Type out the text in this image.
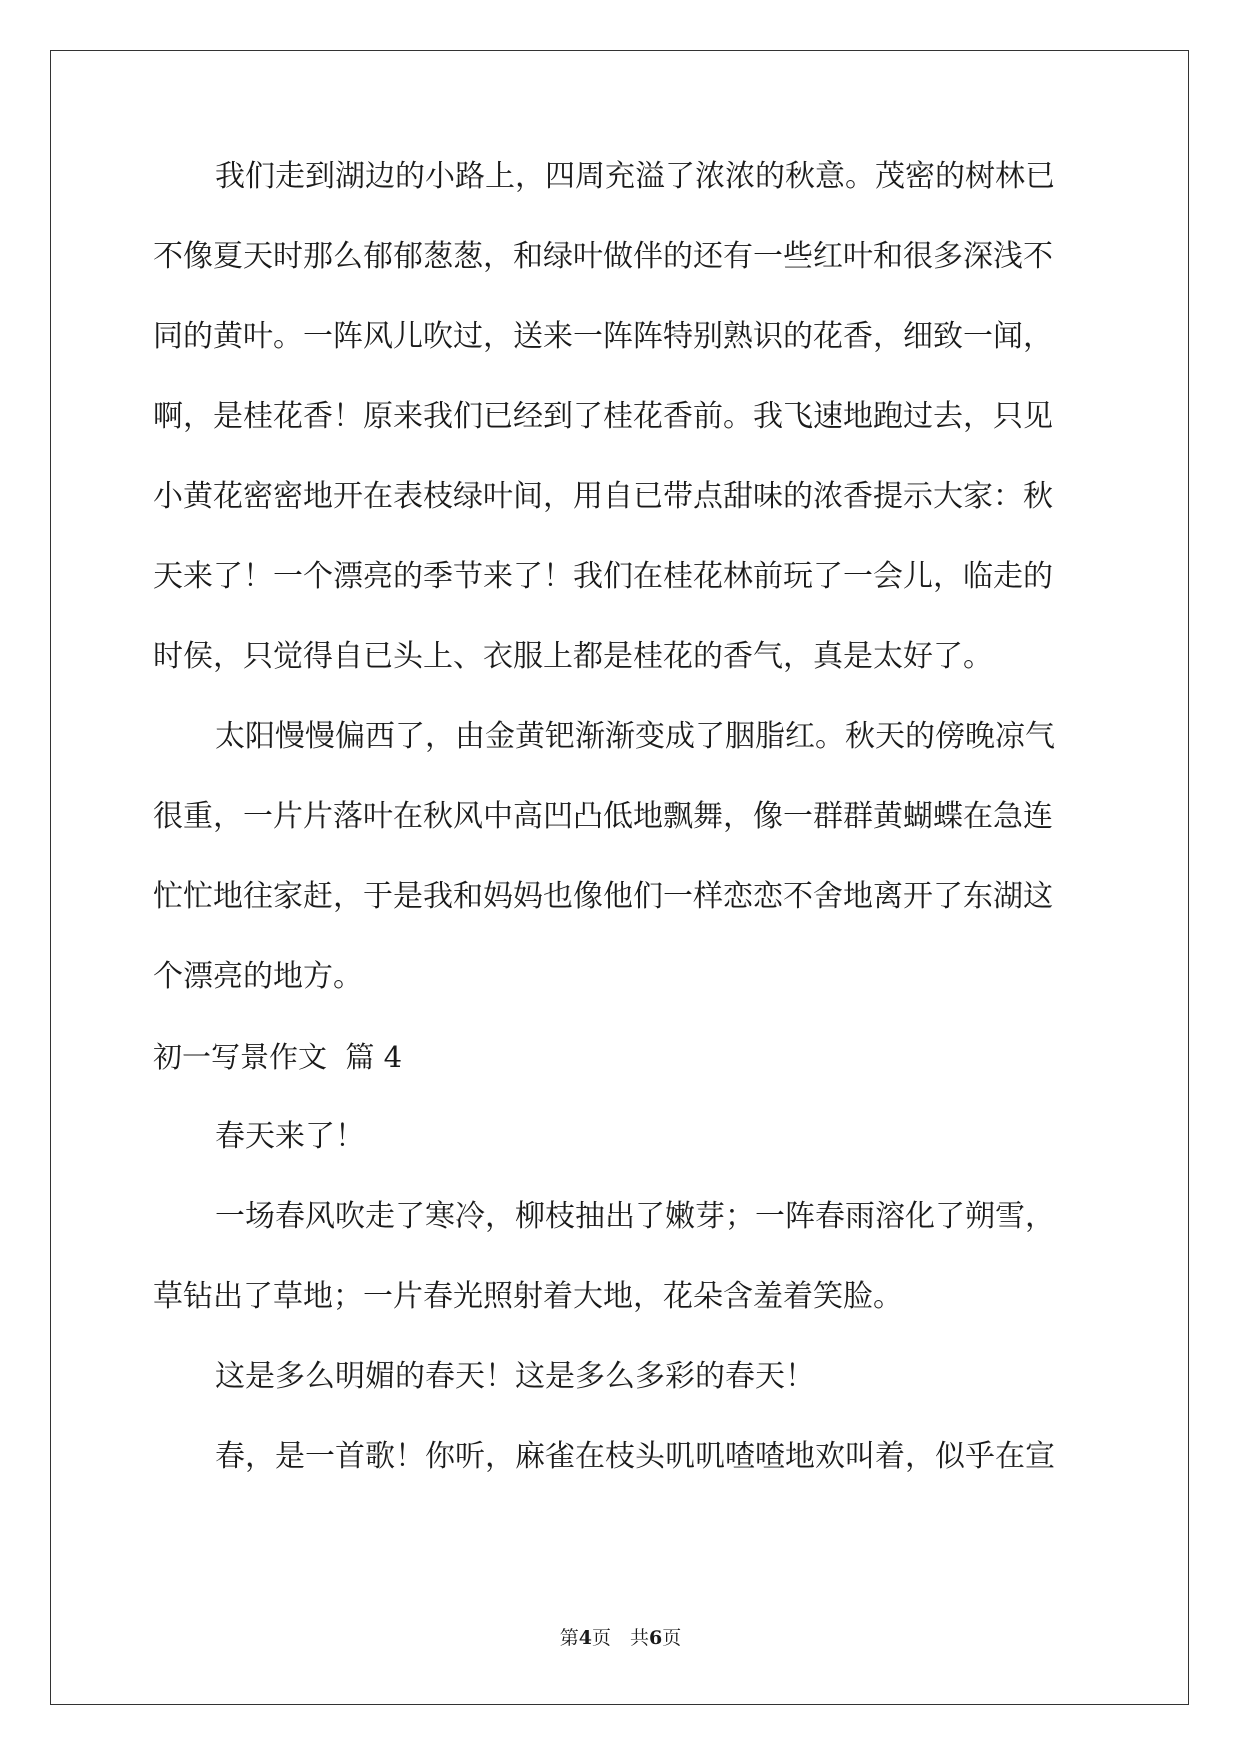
我们走到湖边的小路上，四周充溢了浓浓的秋意。茂密的树林已
不像夏天时那么郁郁葱葱，和绿叶做伴的还有一些红叶和很多深浅不
同的黄叶。一阵风儿吹过，送来一阵阵特别熟识的花香，细致一闻，
啊，是桂花香！原来我们已经到了桂花香前。我飞速地跑过去，只见
小黄花密密地开在表枝绿叶间，用自已带点甜味的浓香提示大家：秋
天来了！一个漂亮的季节来了！我们在桂花林前玩了一会儿，临走的
时侯，只觉得自已头上、衣服上都是桂花的香气，真是太好了。
太阳慢慢偏西了，由金黄钯渐渐变成了胭脂红。秋天的傍晚凉气
很重，一片片落叶在秋风中高凹凸低地飘舞，像一群群黄蝴蝶在急连
忙忙地往家赶，于是我和妈妈也像他们一样恋恋不舍地离开了东湖这
个漂亮的地方。
初一写景作文  篇 4
春天来了！
一场春风吹走了寒冷，柳枝抽出了嫩芽；一阵春雨溶化了朔雪，
草钻出了草地；一片春光照射着大地，花朵含羞着笑脸。
这是多么明媚的春天！这是多么多彩的春天！
春，是一首歌！你听，麻雀在枝头叽叽喳喳地欢叫着，似乎在宣
第4页　共6页
